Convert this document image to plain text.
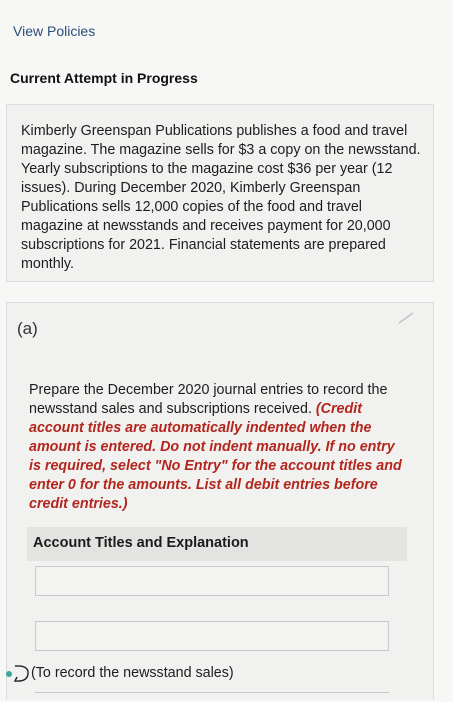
View Policies
Current Attempt in Progress
Kimberly Greenspan Publications publishes a food and travel magazine. The magazine sells for $3 a copy on the newsstand. Yearly subscriptions to the magazine cost $36 per year (12 issues). During December 2020, Kimberly Greenspan Publications sells 12,000 copies of the food and travel magazine at newsstands and receives payment for 20,000 subscriptions for 2021. Financial statements are prepared monthly.
(a)
Prepare the December 2020 journal entries to record the newsstand sales and subscriptions received. (Credit account titles are automatically indented when the amount is entered. Do not indent manually. If no entry is required, select "No Entry" for the account titles and enter 0 for the amounts. List all debit entries before credit entries.)
Account Titles and Explanation
(To record the newsstand sales)
